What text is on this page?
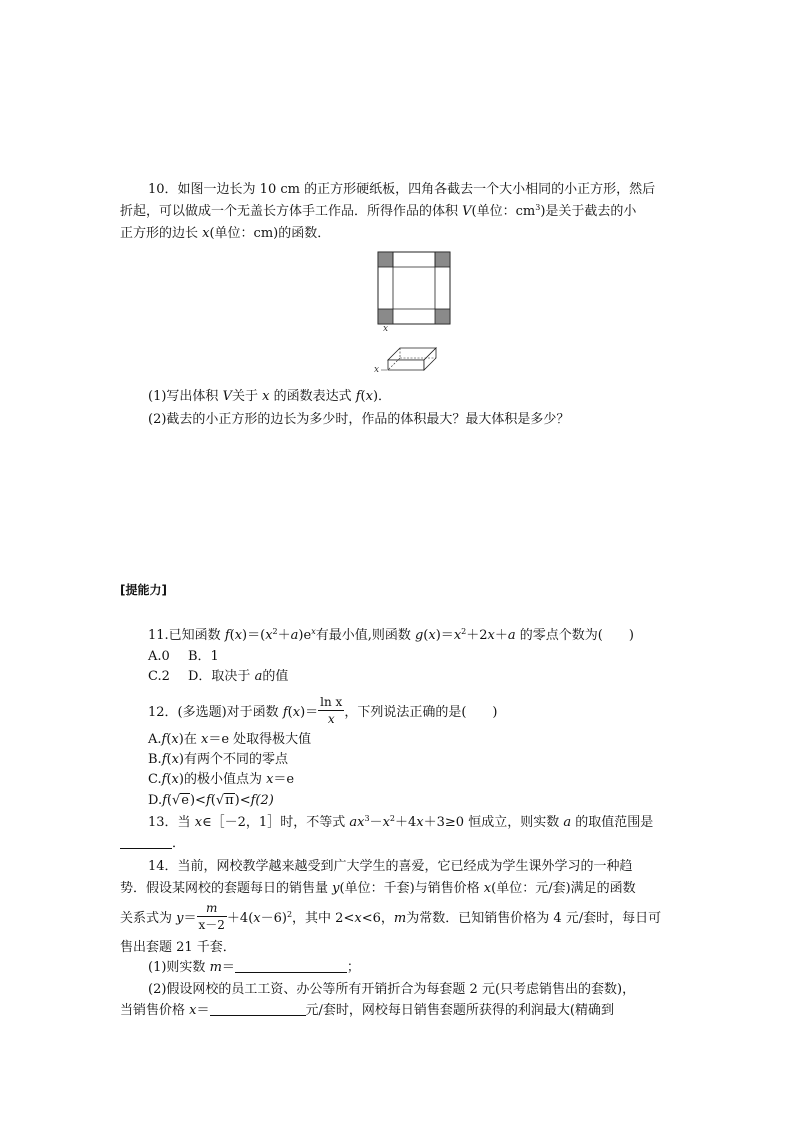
10．如图一边长为 10 cm 的正方形硬纸板，四角各截去一个大小相同的小正方形，然后
折起，可以做成一个无盖长方体手工作品．所得作品的体积 V(单位：$cm^3$)是关于截去的小
正方形的边长 x(单位：cm)的函数．
x
x
(1)写出体积 V关于 x 的函数表达式 f(x)．
(2)截去的小正方形的边长为多少时，作品的体积最大？最大体积是多少？
[提能力]
11.已知函数 $f(x)=(x^2+a)e^x$有最小值,则函数 $g(x)=x^2+2x+a$ 的零点个数为(　　)
A.0 B．1
C.2 D．取决于 a的值
12．(多选题)对于函数 $f(x)= \frac{\text{ln x}}{x}$ ，下列说法正确的是(　　)
A.f(x)在 x＝e 处取得极大值
B.f(x)有两个不同的零点
C.f(x)的极小值点为 x＝e
D.f(√e)<f(√π)<f(2)
13．当 x∈［－2，1］时，不等式 $ax^3-x^2+4x+3\ge 0$ 恒成立，则实数 a 的取值范围是
．
14．当前，网校教学越来越受到广大学生的喜爱，它已经成为学生课外学习的一种趋
势．假设某网校的套题每日的销售量 y(单位：千套)与销售价格 x(单位：元/套)满足的函数
关系式为 $y= \frac{m}{x-2} +4(x-6)^2$，其中 2<x<6，m为常数．已知销售价格为 4 元/套时，每日可
售出套题 21 千套．
(1)则实数 m＝	；
(2)假设网校的员工工资、办公等所有开销折合为每套题 2 元(只考虑销售出的套数)，
当销售价格 x＝	元/套时，网校每日销售套题所获得的利润最大(精确到
